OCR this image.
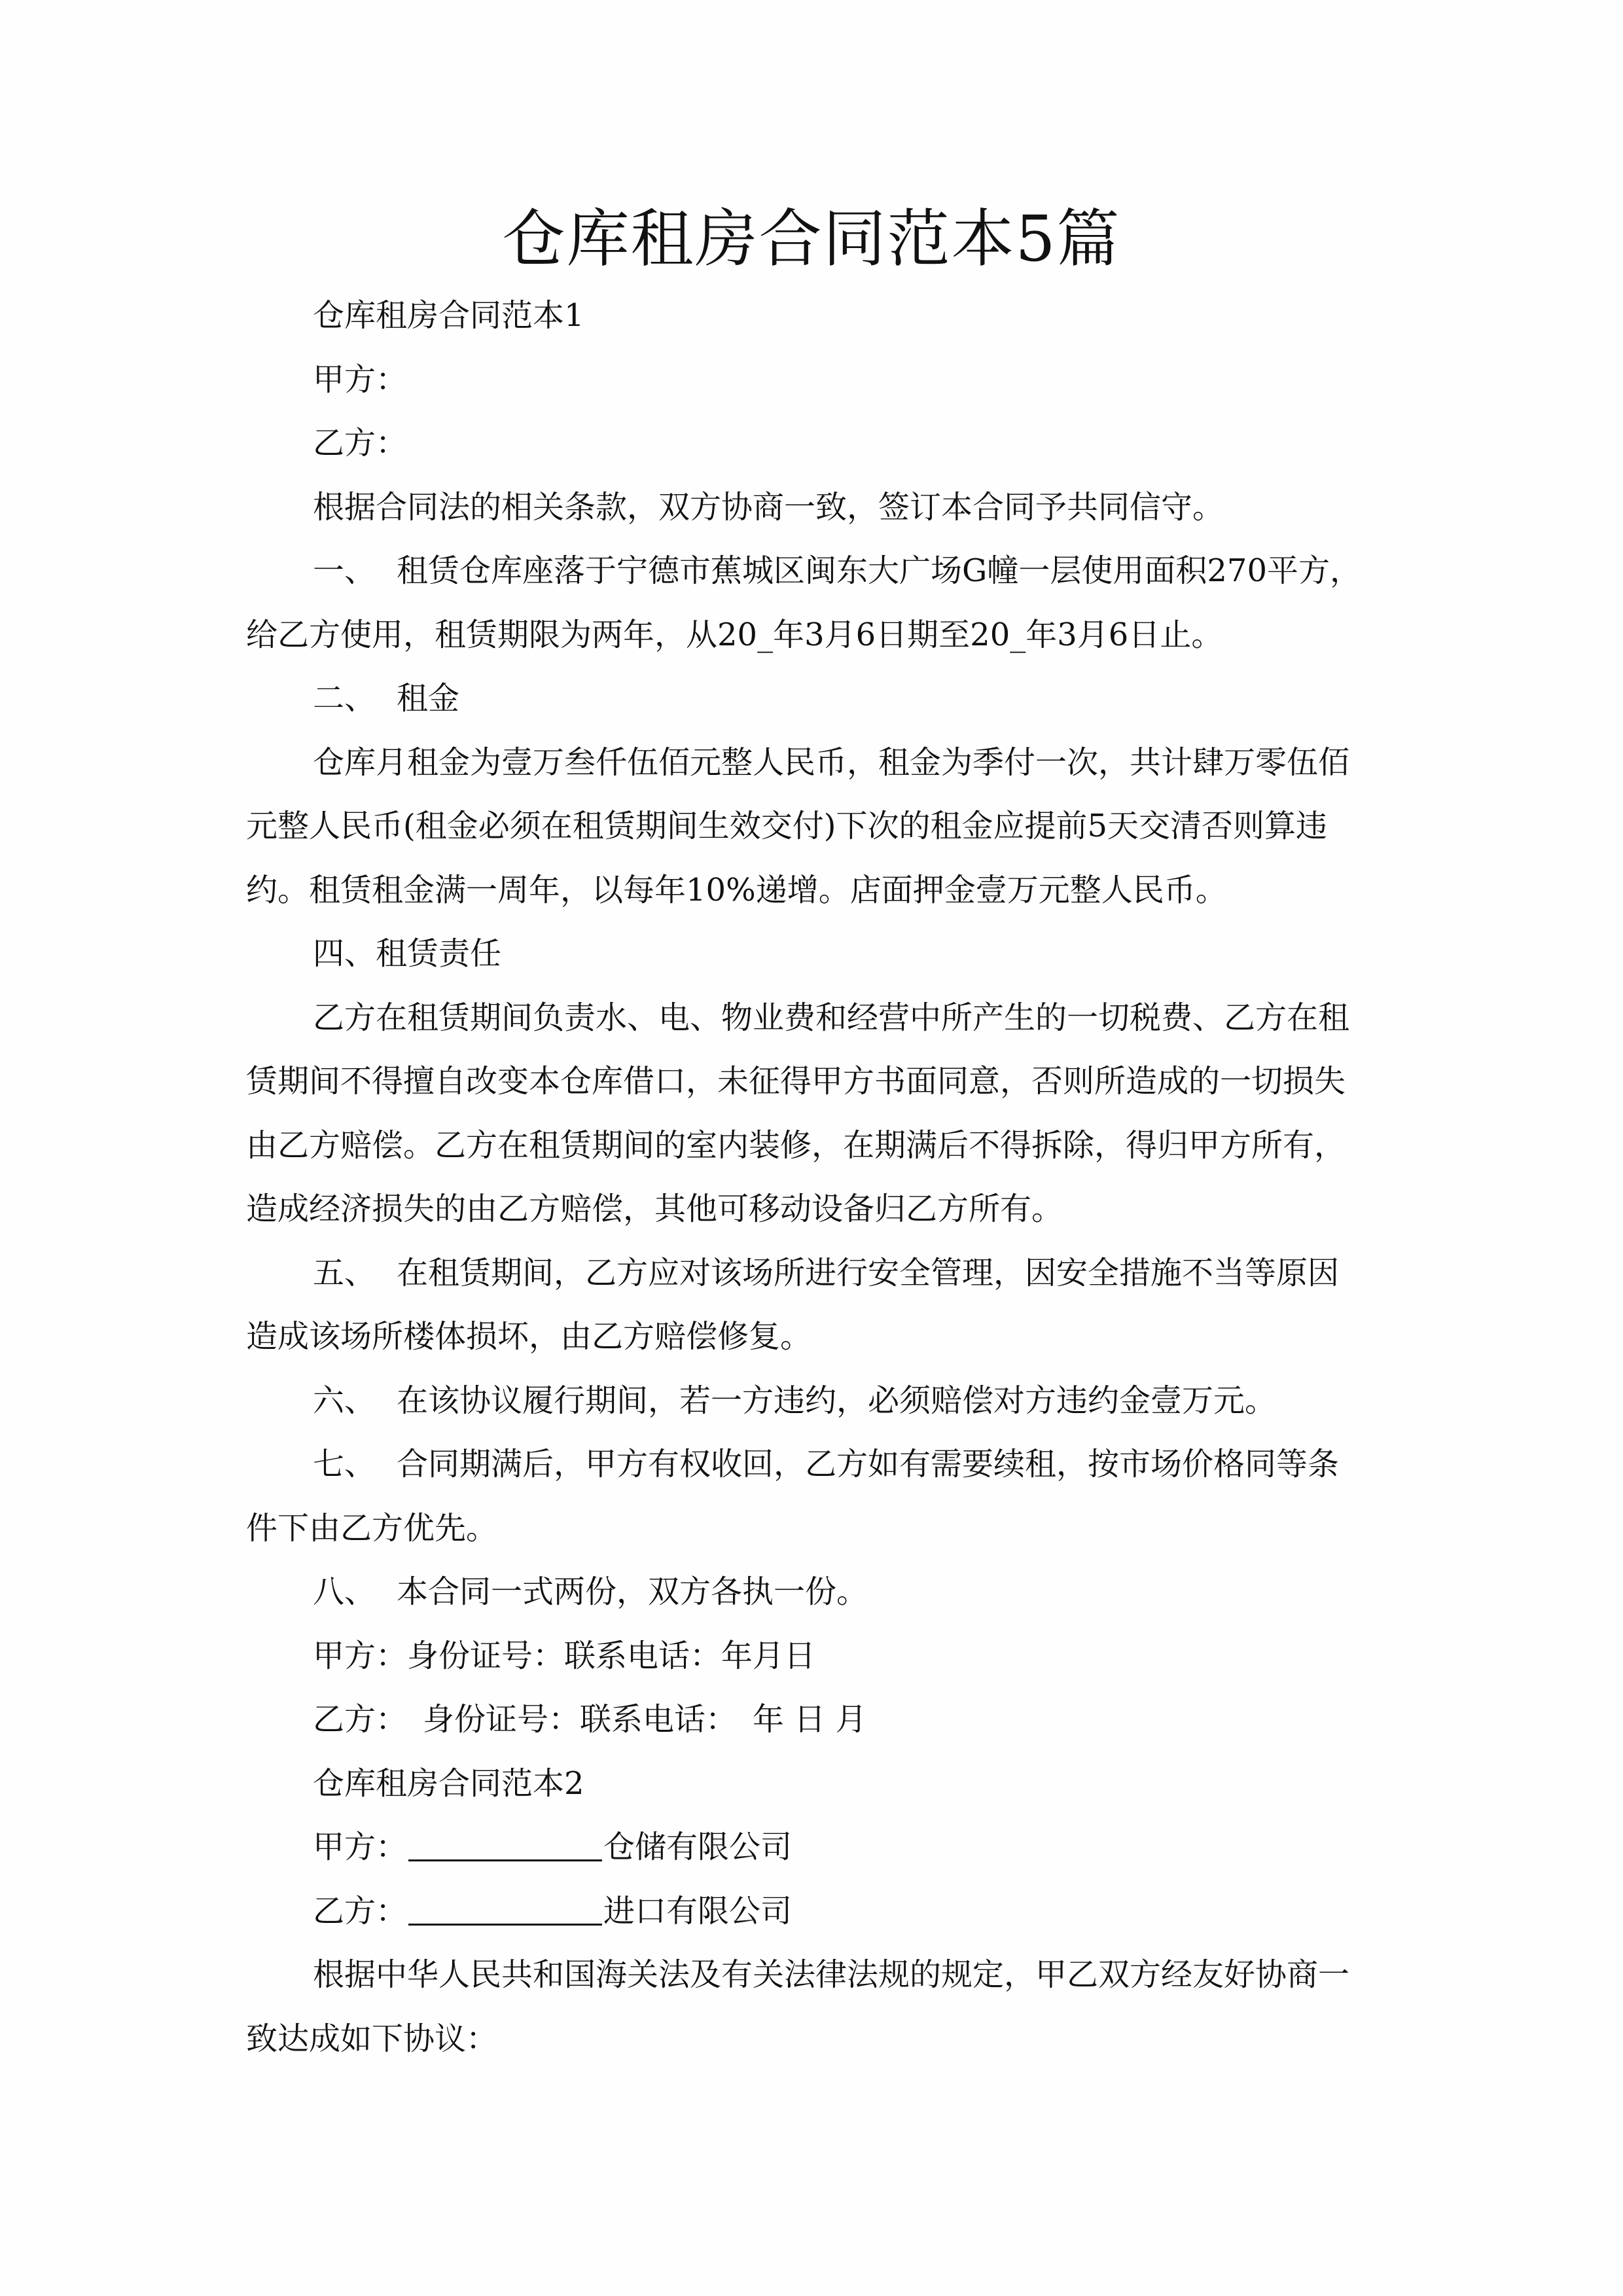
仓库租房合同范本5篇
仓库租房合同范本1
甲方：
乙方：
根据合同法的相关条款，双方协商一致，签订本合同予共同信守。
一、 租赁仓库座落于宁德市蕉城区闽东大广场G幢一层使用面积270平方，
给乙方使用，租赁期限为两年，从20_年3月6日期至20_年3月6日止。
二、 租金
仓库月租金为壹万叁仟伍佰元整人民币，租金为季付一次，共计肆万零伍佰
元整人民币(租金必须在租赁期间生效交付)下次的租金应提前5天交清否则算违
约。租赁租金满一周年，以每年10%递增。店面押金壹万元整人民币。
四、租赁责任
乙方在租赁期间负责水、电、物业费和经营中所产生的一切税费、乙方在租
赁期间不得擅自改变本仓库借口，未征得甲方书面同意，否则所造成的一切损失
由乙方赔偿。乙方在租赁期间的室内装修，在期满后不得拆除，得归甲方所有，
造成经济损失的由乙方赔偿，其他可移动设备归乙方所有。
五、 在租赁期间，乙方应对该场所进行安全管理，因安全措施不当等原因
造成该场所楼体损坏，由乙方赔偿修复。
六、 在该协议履行期间，若一方违约，必须赔偿对方违约金壹万元。
七、 合同期满后，甲方有权收回，乙方如有需要续租，按市场价格同等条
件下由乙方优先。
八、 本合同一式两份，双方各执一份。
甲方：身份证号：联系电话：年月日
乙方：　身份证号：联系电话：　年 日 月
仓库租房合同范本2
甲方：	仓储有限公司
乙方：	进口有限公司
根据中华人民共和国海关法及有关法律法规的规定，甲乙双方经友好协商一
致达成如下协议：
